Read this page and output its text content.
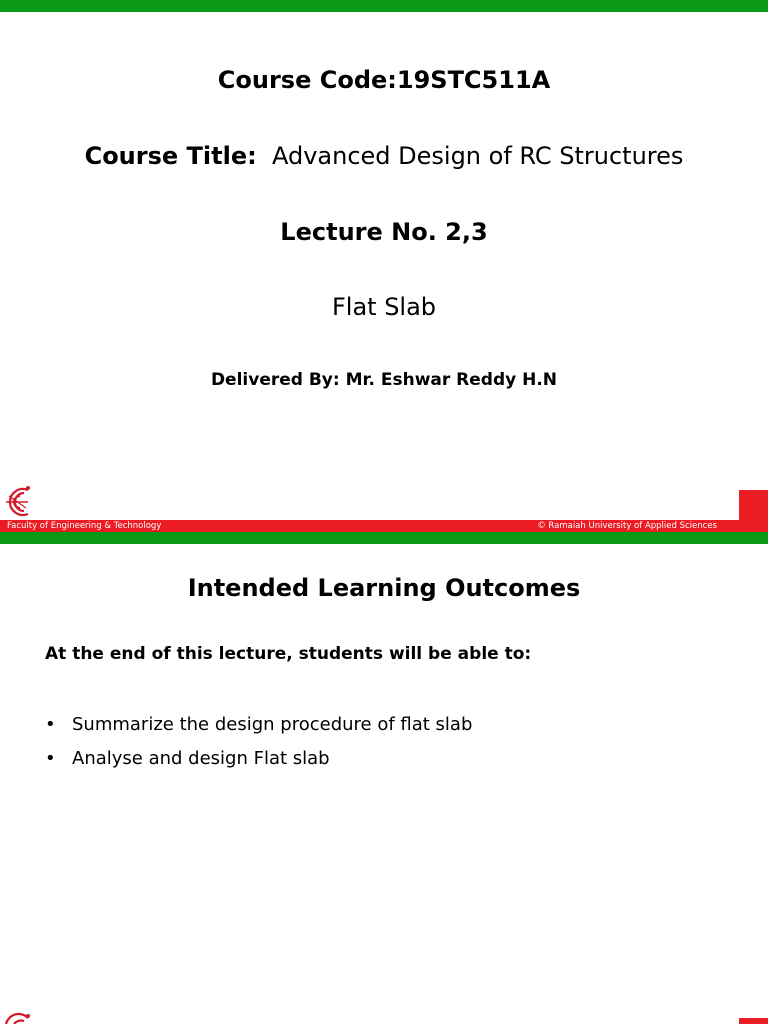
Course Code:19STC511A
Course Title: Advanced Design of RC Structures
Lecture No. 2,3
Flat Slab
Delivered By: Mr. Eshwar Reddy H.N
Faculty of Engineering & Technology	© Ramaiah University of Applied Sciences
Intended Learning Outcomes
At the end of this lecture, students will be able to:
• Summarize the design procedure of flat slab
• Analyse and design Flat slab
